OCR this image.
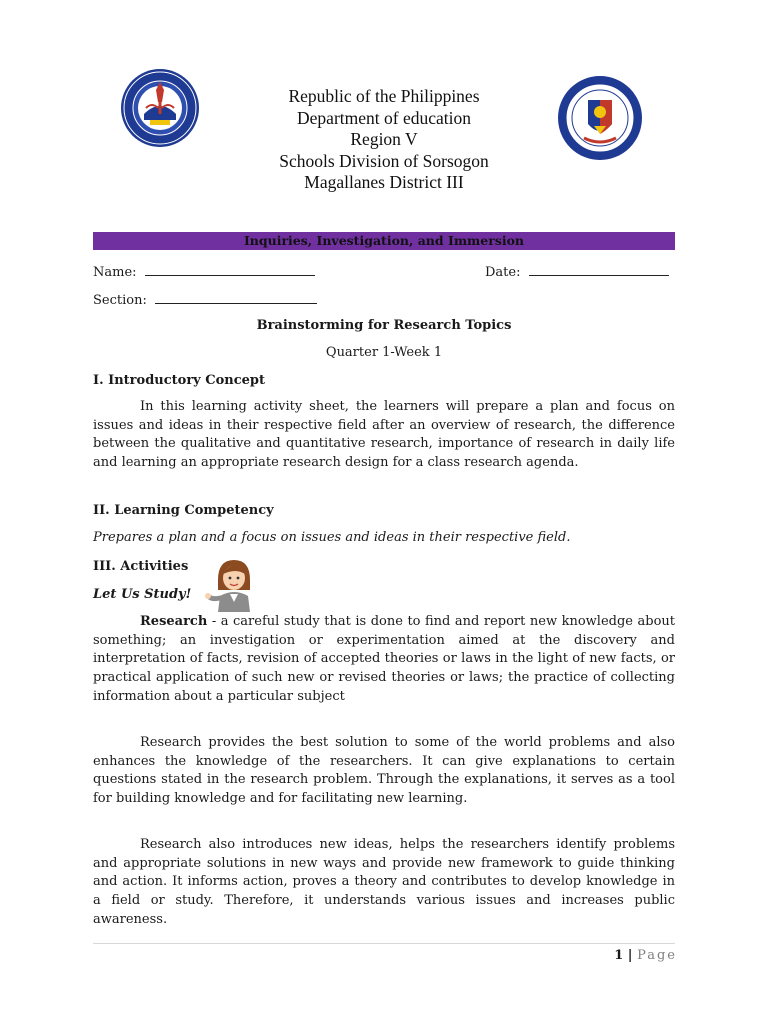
Republic of the Philippines
Department of education
Region V
Schools Division of Sorsogon
Magallanes District III
Inquiries, Investigation, and Immersion
Name:	Date:
Section:
Brainstorming for Research Topics
Quarter 1-Week 1
I. Introductory Concept

In this learning activity sheet, the learners will prepare a plan and focus on issues and ideas in their respective field after an overview of research, the difference between the qualitative and quantitative research, importance of research in daily life and learning an appropriate research design for a class research agenda.

II. Learning Competency
Prepares a plan and a focus on issues and ideas in their respective field.
III. Activities
Let Us Study!

Research - a careful study that is done to find and report new knowledge about something; an investigation or experimentation aimed at the discovery and interpretation of facts, revision of accepted theories or laws in the light of new facts, or practical application of such new or revised theories or laws; the practice of collecting information about a particular subject

Research provides the best solution to some of the world problems and also enhances the knowledge of the researchers. It can give explanations to certain questions stated in the research problem. Through the explanations, it serves as a tool for building knowledge and for facilitating new learning.

Research also introduces new ideas, helps the researchers identify problems and appropriate solutions in new ways and provide new framework to guide thinking and action. It informs action, proves a theory and contributes to develop knowledge in a field or study. Therefore, it understands various issues and increases public awareness.

1 | Page
